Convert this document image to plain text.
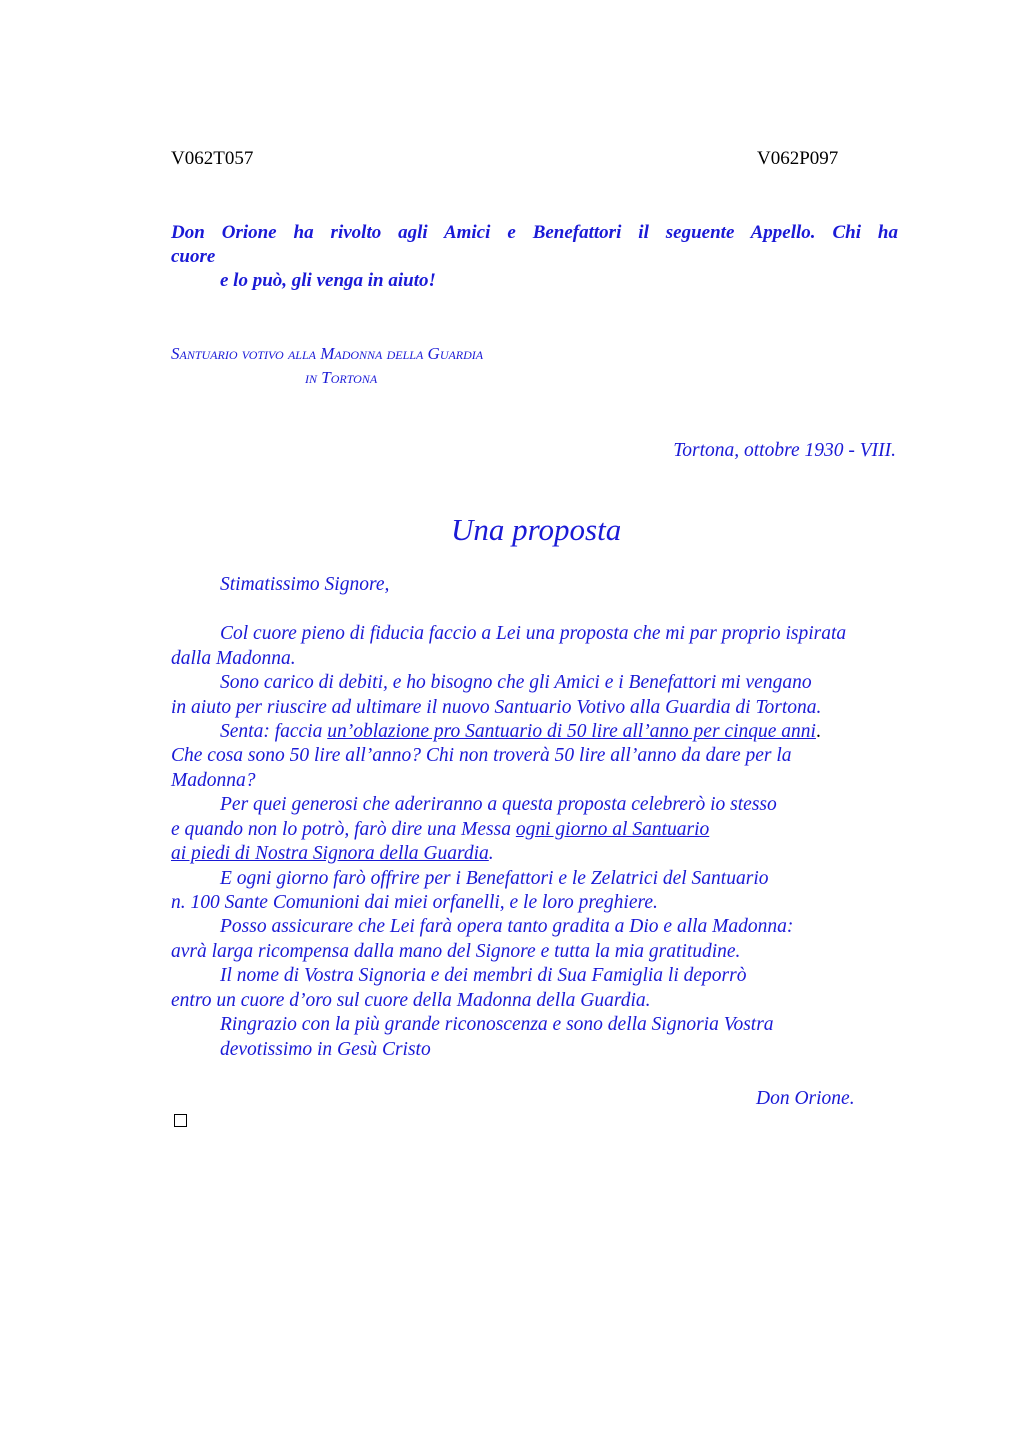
V062T057	V062P097
Don Orione ha rivolto agli Amici e Benefattori il seguente Appello. Chi ha
cuore
e lo può, gli venga in aiuto!
Santuario votivo alla Madonna della Guardia
in Tortona
Tortona, ottobre 1930 - VIII.
Una proposta
Stimatissimo Signore,
Col cuore pieno di fiducia faccio a Lei una proposta che mi par proprio ispirata
dalla Madonna.
Sono carico di debiti, e ho bisogno che gli Amici e i Benefattori mi vengano
in aiuto per riuscire ad ultimare il nuovo Santuario Votivo alla Guardia di Tortona.
Senta: faccia un’oblazione pro Santuario di 50 lire all’anno per cinque anni.
Che cosa sono 50 lire all’anno? Chi non troverà 50 lire all’anno da dare per la
Madonna?
Per quei generosi che aderiranno a questa proposta celebrerò io stesso
e quando non lo potrò, farò dire una Messa ogni giorno al Santuario
ai piedi di Nostra Signora della Guardia.
E ogni giorno farò offrire per i Benefattori e le Zelatrici del Santuario
n. 100 Sante Comunioni dai miei orfanelli, e le loro preghiere.
Posso assicurare che Lei farà opera tanto gradita a Dio e alla Madonna:
avrà larga ricompensa dalla mano del Signore e tutta la mia gratitudine.
Il nome di Vostra Signoria e dei membri di Sua Famiglia li deporrò
entro un cuore d’oro sul cuore della Madonna della Guardia.
Ringrazio con la più grande riconoscenza e sono della Signoria Vostra
devotissimo in Gesù Cristo
Don Orione.
